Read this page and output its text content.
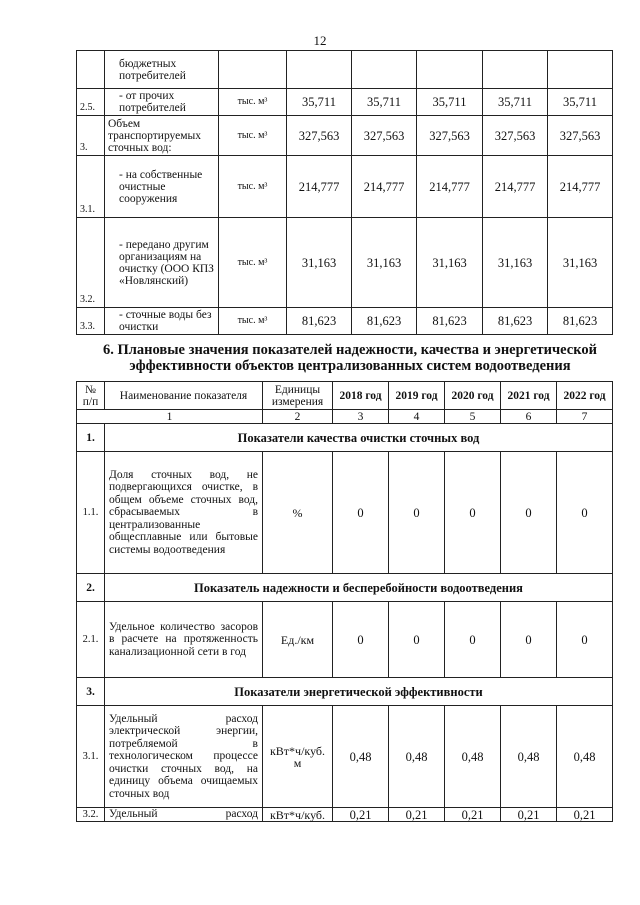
12
	бюджетных потребителей						
2.5.	- от прочих потребителей	тыс. м³	35,711	35,711	35,711	35,711	35,711
3.	Объем транспортируемых сточных вод:	тыс. м³	327,563	327,563	327,563	327,563	327,563
3.1.	- на собственные очистные сооружения	тыс. м³	214,777	214,777	214,777	214,777	214,777
3.2.	- передано другим организациям на очистку (ООО КПЗ «Новлянский)	тыс. м³	31,163	31,163	31,163	31,163	31,163
3.3.	- сточные воды без очистки	тыс. м³	81,623	81,623	81,623	81,623	81,623
6. Плановые значения показателей надежности, качества и энергетической эффективности объектов централизованных систем водоотведения
№ п/п	Наименование показателя	Единицы измерения	2018 год	2019 год	2020 год	2021 год	2022 год
1		2	3	4	5	6	7
1.	Показатели качества очистки сточных вод						
1.1.	Доля сточных вод, не подвергающихся очистке, в общем объеме сточных вод, сбрасываемых в централизованные общесплавные или бытовые системы водоотведения	%	0	0	0	0	0
2.	Показатель надежности и бесперебойности водоотведения						
2.1.	Удельное количество засоров в расчете на протяженность канализационной сети в год	Ед./км	0	0	0	0	0
3.	Показатели энергетической эффективности						
3.1.	Удельный расход электрической энергии, потребляемой в технологическом процессе очистки сточных вод, на единицу объема очищаемых сточных вод	кВт*ч/куб. м	0,48	0,48	0,48	0,48	0,48
3.2.	Удельный расход	кВт*ч/куб.	0,21	0,21	0,21	0,21	0,21
